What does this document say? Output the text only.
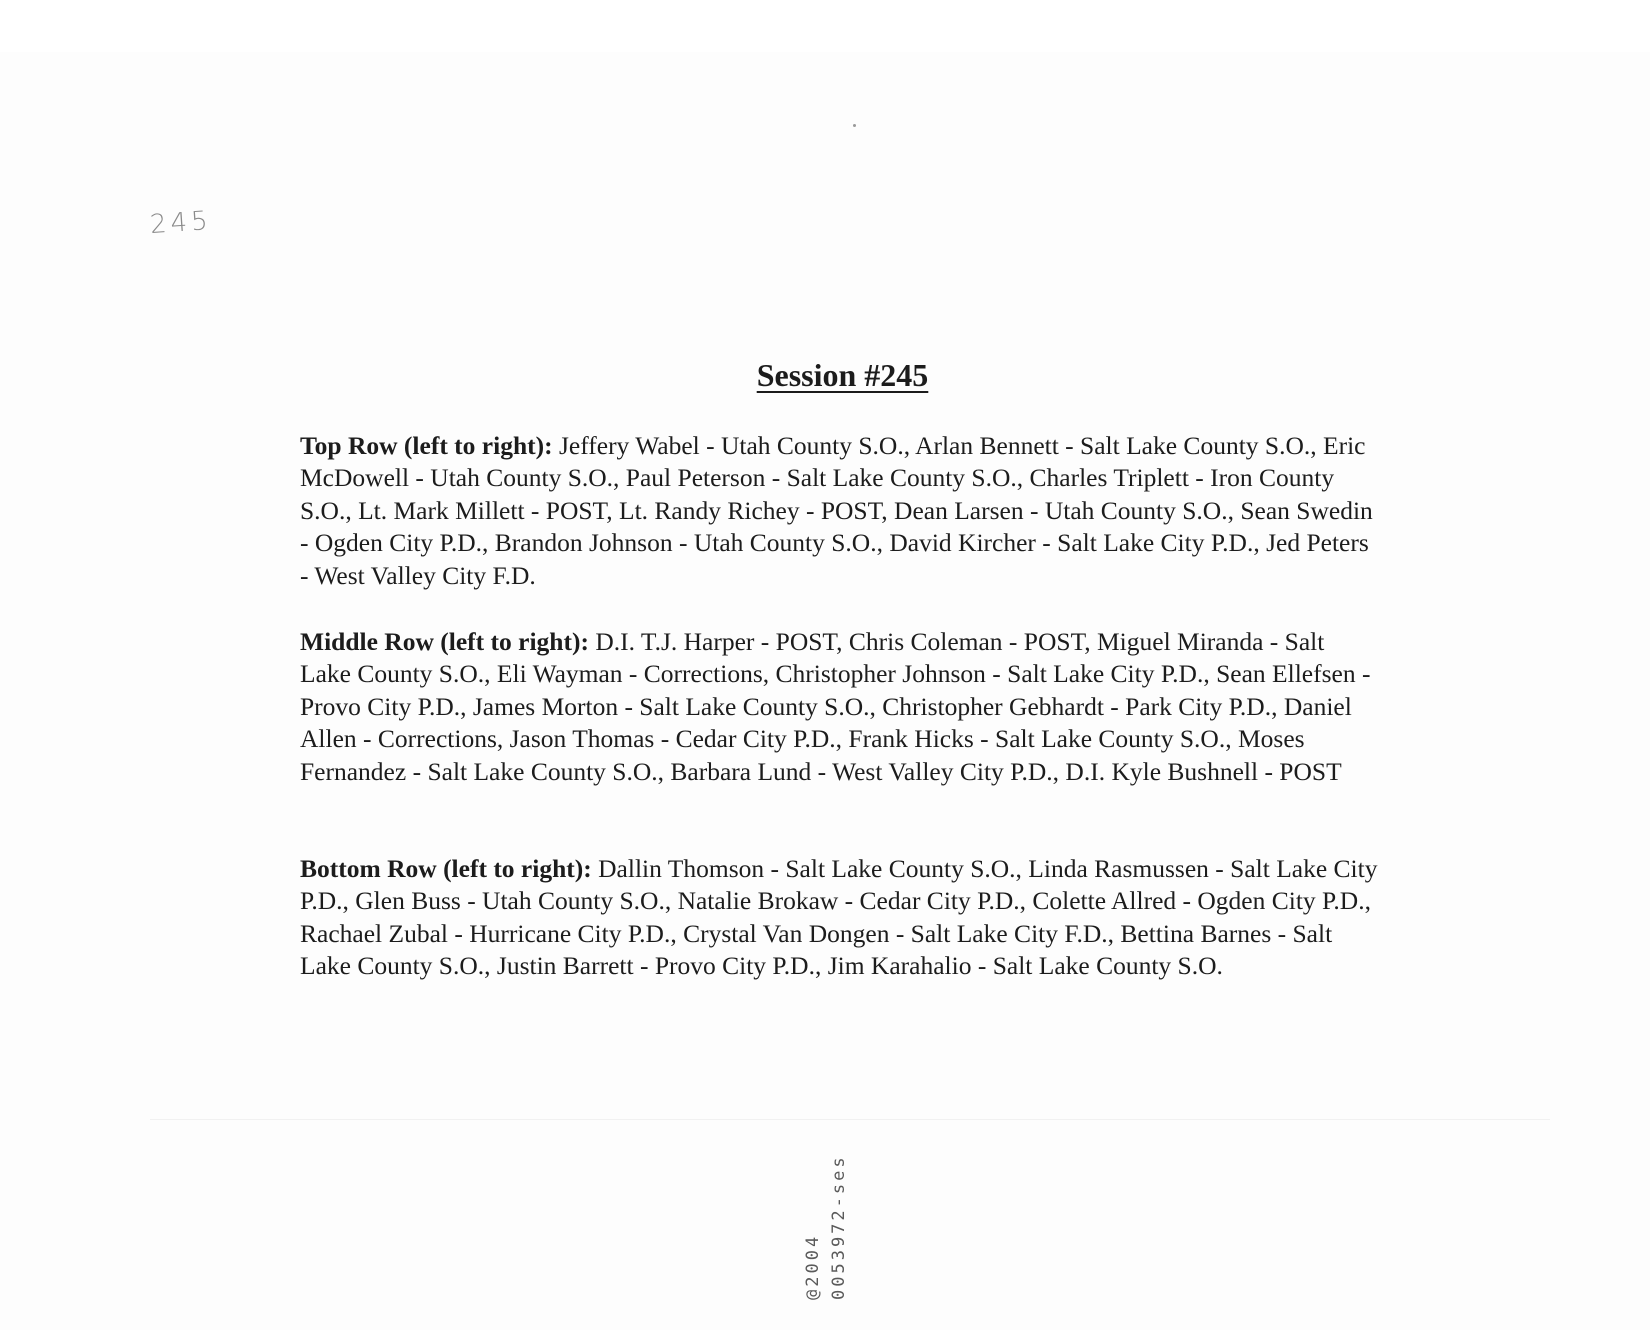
245
Session #245
Top Row (left to right): Jeffery Wabel - Utah County S.O., Arlan Bennett - Salt Lake County S.O., Eric McDowell - Utah County S.O., Paul Peterson - Salt Lake County S.O., Charles Triplett - Iron County S.O., Lt. Mark Millett - POST, Lt. Randy Richey - POST, Dean Larsen - Utah County S.O., Sean Swedin - Ogden City P.D., Brandon Johnson - Utah County S.O., David Kircher - Salt Lake City P.D., Jed Peters - West Valley City F.D.
Middle Row (left to right): D.I. T.J. Harper - POST, Chris Coleman - POST, Miguel Miranda - Salt Lake County S.O., Eli Wayman - Corrections, Christopher Johnson - Salt Lake City P.D., Sean Ellefsen - Provo City P.D., James Morton - Salt Lake County S.O., Christopher Gebhardt - Park City P.D., Daniel Allen - Corrections, Jason Thomas - Cedar City P.D., Frank Hicks - Salt Lake County S.O., Moses Fernandez - Salt Lake County S.O., Barbara Lund - West Valley City P.D., D.I. Kyle Bushnell - POST
Bottom Row (left to right): Dallin Thomson - Salt Lake County S.O., Linda Rasmussen - Salt Lake City P.D., Glen Buss - Utah County S.O., Natalie Brokaw - Cedar City P.D., Colette Allred - Ogden City P.D., Rachael Zubal - Hurricane City P.D., Crystal Van Dongen - Salt Lake City F.D., Bettina Barnes - Salt Lake County S.O., Justin Barrett - Provo City P.D., Jim Karahalio - Salt Lake County S.O.
@2004 0053972-ses
